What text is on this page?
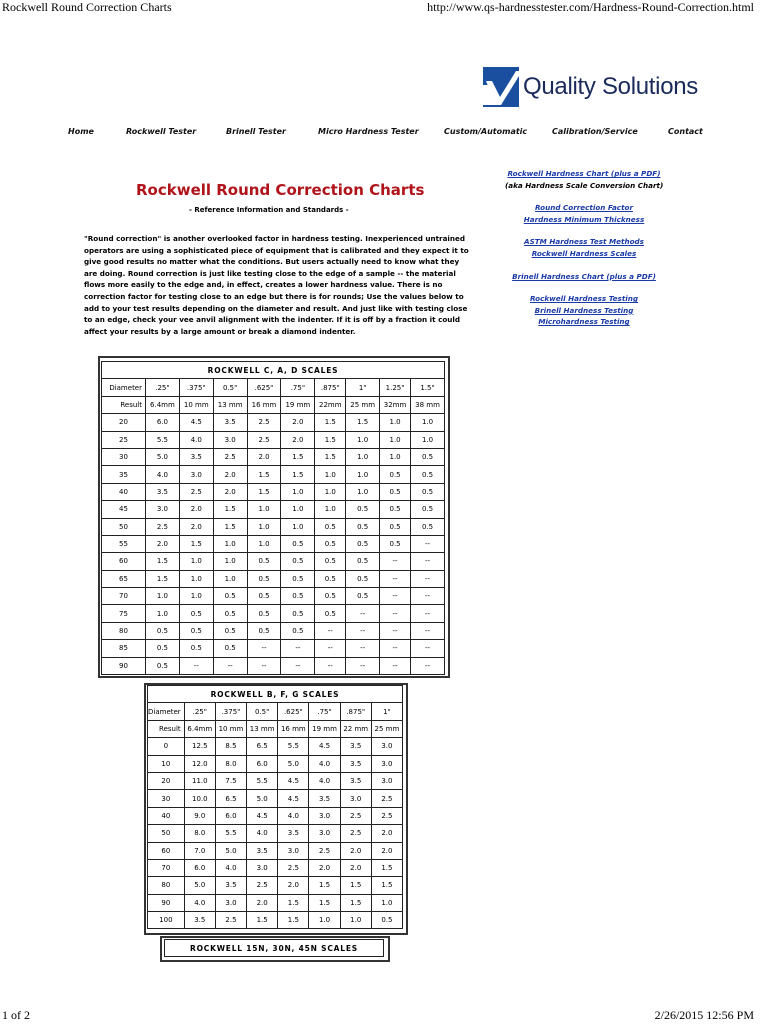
Rockwell Round Correction Charts	http://www.qs-hardnesstester.com/Hardness-Round-Correction.html
1 of 2	2/26/2015 12:56 PM
Quality Solutions
Home	Rockwell Tester	Brinell Tester	Micro Hardness Tester	Custom/Automatic	Calibration/Service	Contact
Rockwell Round Correction Charts
- Reference Information and Standards -

"Round correction" is another overlooked factor in hardness testing. Inexperienced untrained operators are using a sophisticated piece of equipment that is calibrated and they expect it to give good results no matter what the conditions. But users actually need to know what they are doing. Round correction is just like testing close to the edge of a sample -- the material flows more easily to the edge and, in effect, creates a lower hardness value. There is no correction factor for testing close to an edge but there is for rounds; Use the values below to add to your test results depending on the diameter and result. And just like with testing close to an edge, check your vee anvil alignment with the indenter. If it is off by a fraction it could affect your results by a large amount or break a diamond indenter.

Rockwell Hardness Chart (plus a PDF)
(aka Hardness Scale Conversion Chart)
Round Correction Factor
Hardness Minimum Thickness
ASTM Hardness Test Methods
Rockwell Hardness Scales
Brinell Hardness Chart (plus a PDF)
Rockwell Hardness Testing
Brinell Hardness Testing
Microhardness Testing
ROCKWELL C, A, D SCALES									
Diameter	.25"	.375"	0.5"	.625"	.75"	.875"	1"	1.25"	1.5"
Result	6.4mm	10 mm	13 mm	16 mm	19 mm	22mm	25 mm	32mm	38 mm
20	6.0	4.5	3.5	2.5	2.0	1.5	1.5	1.0	1.0
25	5.5	4.0	3.0	2.5	2.0	1.5	1.0	1.0	1.0
30	5.0	3.5	2.5	2.0	1.5	1.5	1.0	1.0	0.5
35	4.0	3.0	2.0	1.5	1.5	1.0	1.0	0.5	0.5
40	3.5	2.5	2.0	1.5	1.0	1.0	1.0	0.5	0.5
45	3.0	2.0	1.5	1.0	1.0	1.0	0.5	0.5	0.5
50	2.5	2.0	1.5	1.0	1.0	0.5	0.5	0.5	0.5
55	2.0	1.5	1.0	1.0	0.5	0.5	0.5	0.5	--
60	1.5	1.0	1.0	0.5	0.5	0.5	0.5	--	--
65	1.5	1.0	1.0	0.5	0.5	0.5	0.5	--	--
70	1.0	1.0	0.5	0.5	0.5	0.5	0.5	--	--
75	1.0	0.5	0.5	0.5	0.5	0.5	--	--	--
80	0.5	0.5	0.5	0.5	0.5	--	--	--	--
85	0.5	0.5	0.5	--	--	--	--	--	--
90	0.5	--	--	--	--	--	--	--	--
ROCKWELL B, F, G SCALES							
Diameter	.25"	.375"	0.5"	.625"	.75"	.875"	1"
Result	6.4mm	10 mm	13 mm	16 mm	19 mm	22 mm	25 mm
0	12.5	8.5	6.5	5.5	4.5	3.5	3.0
10	12.0	8.0	6.0	5.0	4.0	3.5	3.0
20	11.0	7.5	5.5	4.5	4.0	3.5	3.0
30	10.0	6.5	5.0	4.5	3.5	3.0	2.5
40	9.0	6.0	4.5	4.0	3.0	2.5	2.5
50	8.0	5.5	4.0	3.5	3.0	2.5	2.0
60	7.0	5.0	3.5	3.0	2.5	2.0	2.0
70	6.0	4.0	3.0	2.5	2.0	2.0	1.5
80	5.0	3.5	2.5	2.0	1.5	1.5	1.5
90	4.0	3.0	2.0	1.5	1.5	1.5	1.0
100	3.5	2.5	1.5	1.5	1.0	1.0	0.5
ROCKWELL 15N, 30N, 45N SCALES
